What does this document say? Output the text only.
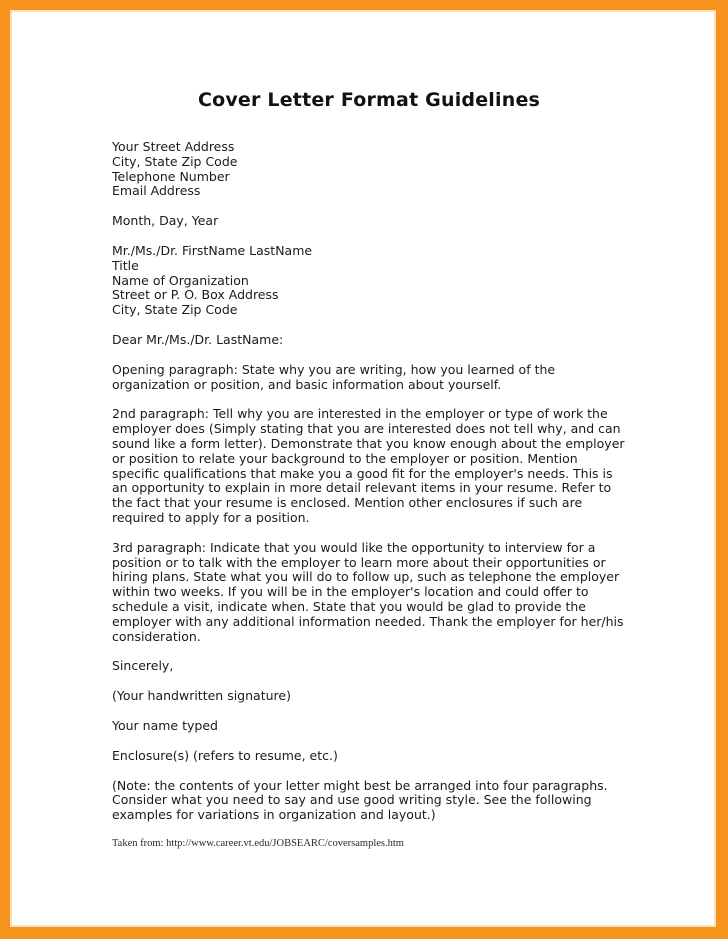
Cover Letter Format Guidelines
Your Street Address
City, State Zip Code
Telephone Number
Email Address
Month, Day, Year
Mr./Ms./Dr. FirstName LastName
Title
Name of Organization
Street or P. O. Box Address
City, State Zip Code
Dear Mr./Ms./Dr. LastName:

Opening paragraph: State why you are writing, how you learned of the organization or position, and basic information about yourself.

2nd paragraph: Tell why you are interested in the employer or type of work the employer does (Simply stating that you are interested does not tell why, and can sound like a form letter). Demonstrate that you know enough about the employer or position to relate your background to the employer or position. Mention specific qualifications that make you a good fit for the employer's needs. This is an opportunity to explain in more detail relevant items in your resume. Refer to the fact that your resume is enclosed. Mention other enclosures if such are required to apply for a position.

3rd paragraph: Indicate that you would like the opportunity to interview for a position or to talk with the employer to learn more about their opportunities or hiring plans. State what you will do to follow up, such as telephone the employer within two weeks. If you will be in the employer's location and could offer to schedule a visit, indicate when. State that you would be glad to provide the employer with any additional information needed. Thank the employer for her/his consideration.

Sincerely,
(Your handwritten signature)
Your name typed
Enclosure(s) (refers to resume, etc.)

(Note: the contents of your letter might best be arranged into four paragraphs. Consider what you need to say and use good writing style. See the following examples for variations in organization and layout.)

Taken from: http://www.career.vt.edu/JOBSEARC/coversamples.htm
